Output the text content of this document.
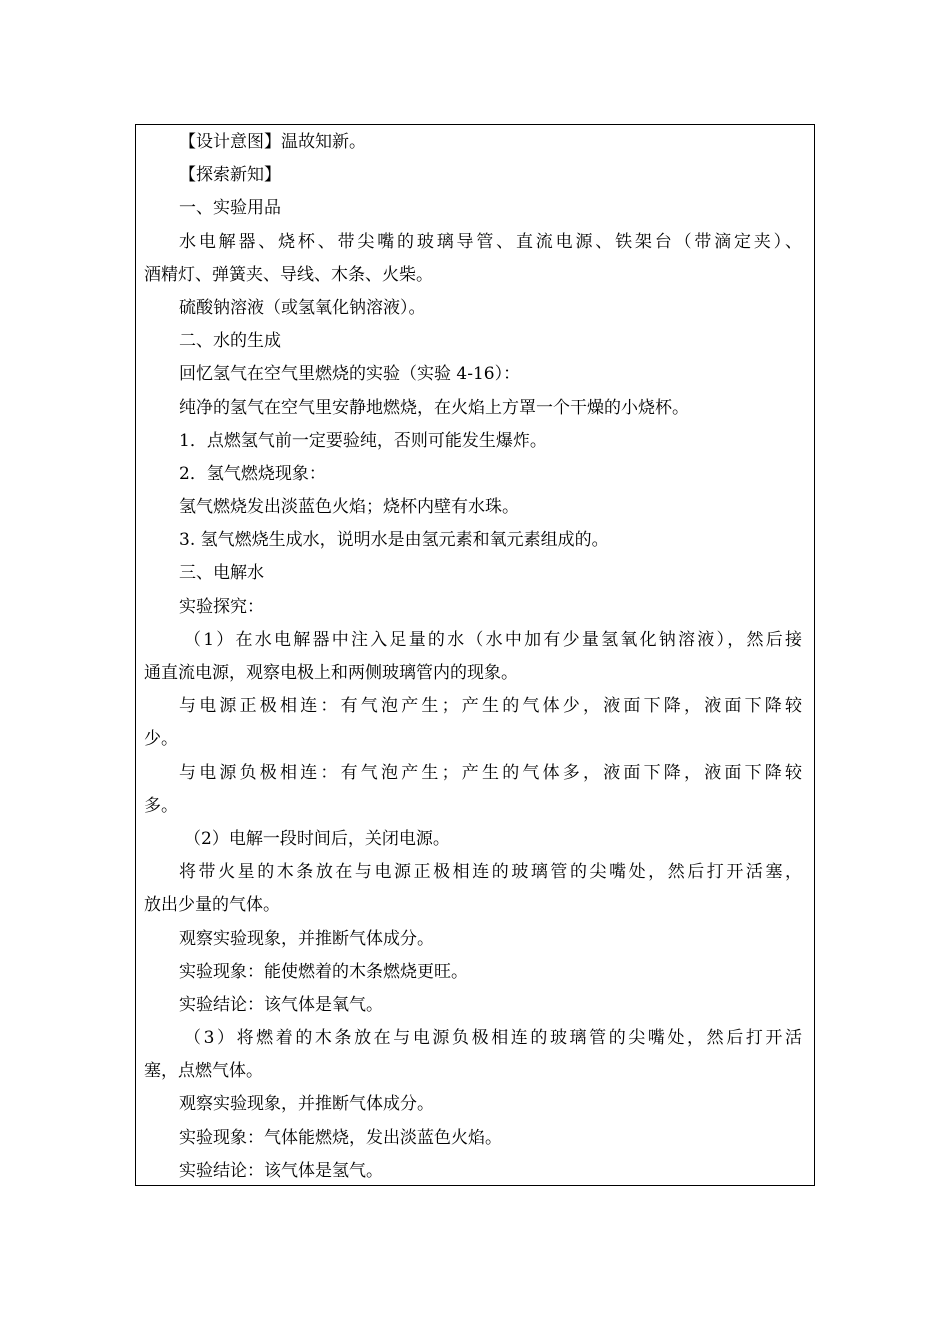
【设计意图】温故知新。
【探索新知】
一、实验用品
水电解器、烧杯、带尖嘴的玻璃导管、直流电源、铁架台（带滴定夹）、
酒精灯、弹簧夹、导线、木条、火柴。
硫酸钠溶液（或氢氧化钠溶液）。
二、水的生成
回忆氢气在空气里燃烧的实验（实验 4-16）：
纯净的氢气在空气里安静地燃烧，在火焰上方罩一个干燥的小烧杯。
1．点燃氢气前一定要验纯，否则可能发生爆炸。
2．氢气燃烧现象：
氢气燃烧发出淡蓝色火焰；烧杯内壁有水珠。
3. 氢气燃烧生成水，说明水是由氢元素和氧元素组成的。
三、电解水
实验探究：
（1）在水电解器中注入足量的水（水中加有少量氢氧化钠溶液），然后接
通直流电源，观察电极上和两侧玻璃管内的现象。
与电源正极相连：有气泡产生；产生的气体少，液面下降，液面下降较
少。
与电源负极相连：有气泡产生；产生的气体多，液面下降，液面下降较
多。
（2）电解一段时间后，关闭电源。
将带火星的木条放在与电源正极相连的玻璃管的尖嘴处，然后打开活塞，
放出少量的气体。
观察实验现象，并推断气体成分。
实验现象：能使燃着的木条燃烧更旺。
实验结论：该气体是氧气。
（3）将燃着的木条放在与电源负极相连的玻璃管的尖嘴处，然后打开活
塞，点燃气体。
观察实验现象，并推断气体成分。
实验现象：气体能燃烧，发出淡蓝色火焰。
实验结论：该气体是氢气。
